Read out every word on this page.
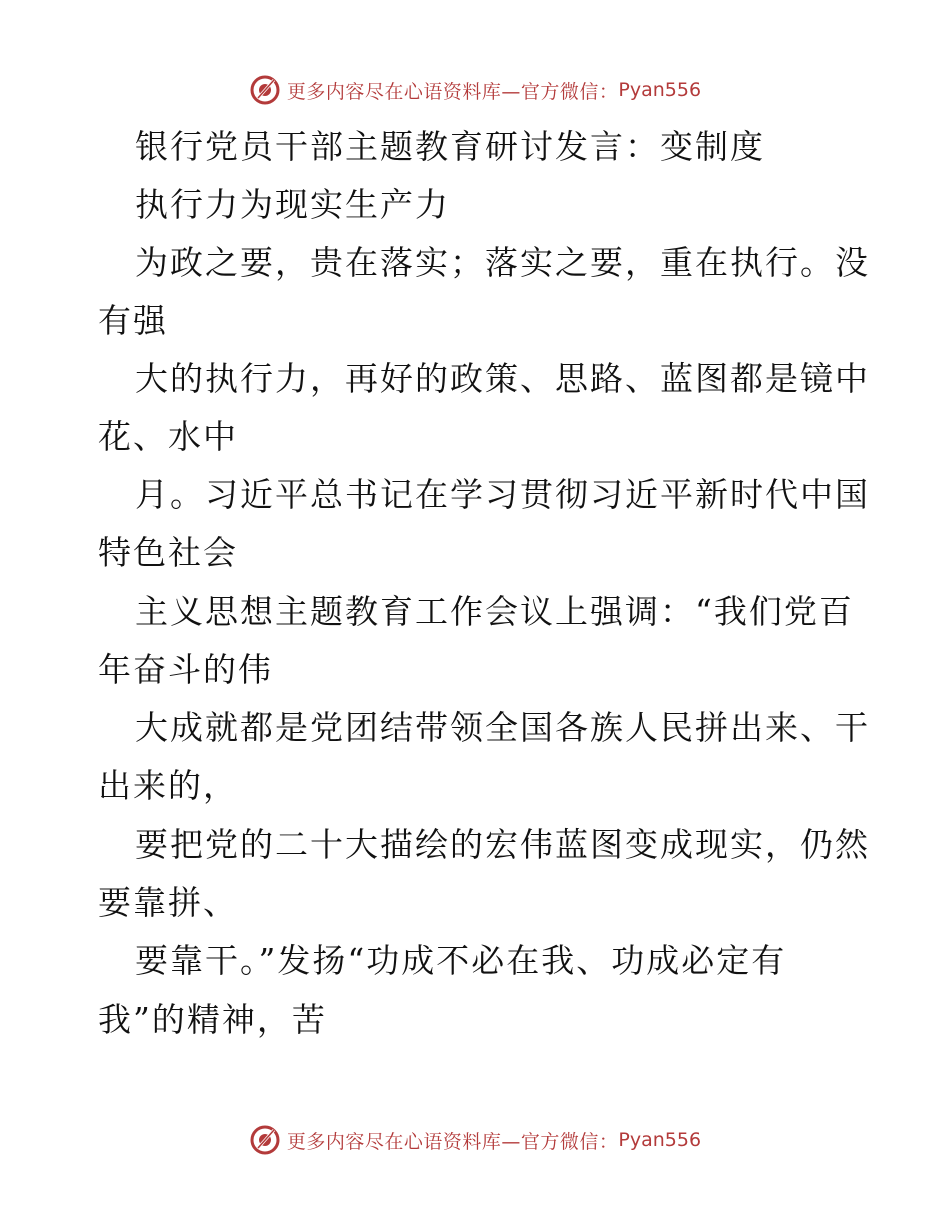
更多内容尽在心语资料库—官方微信： Pyan556

银行党员干部主题教育研讨发言：变制度

执行力为现实生产力

为政之要，贵在落实；落实之要，重在执行。没

有强

大的执行力，再好的政策、思路、蓝图都是镜中

花、水中

月。习近平总书记在学习贯彻习近平新时代中国

特色社会

主义思想主题教育工作会议上强调：“我们党百

年奋斗的伟

大成就都是党团结带领全国各族人民拼出来、干

出来的，

要把党的二十大描绘的宏伟蓝图变成现实，仍然

要靠拼、

要靠干。”发扬“功成不必在我、功成必定有

我”的精神，苦

更多内容尽在心语资料库—官方微信： Pyan556
